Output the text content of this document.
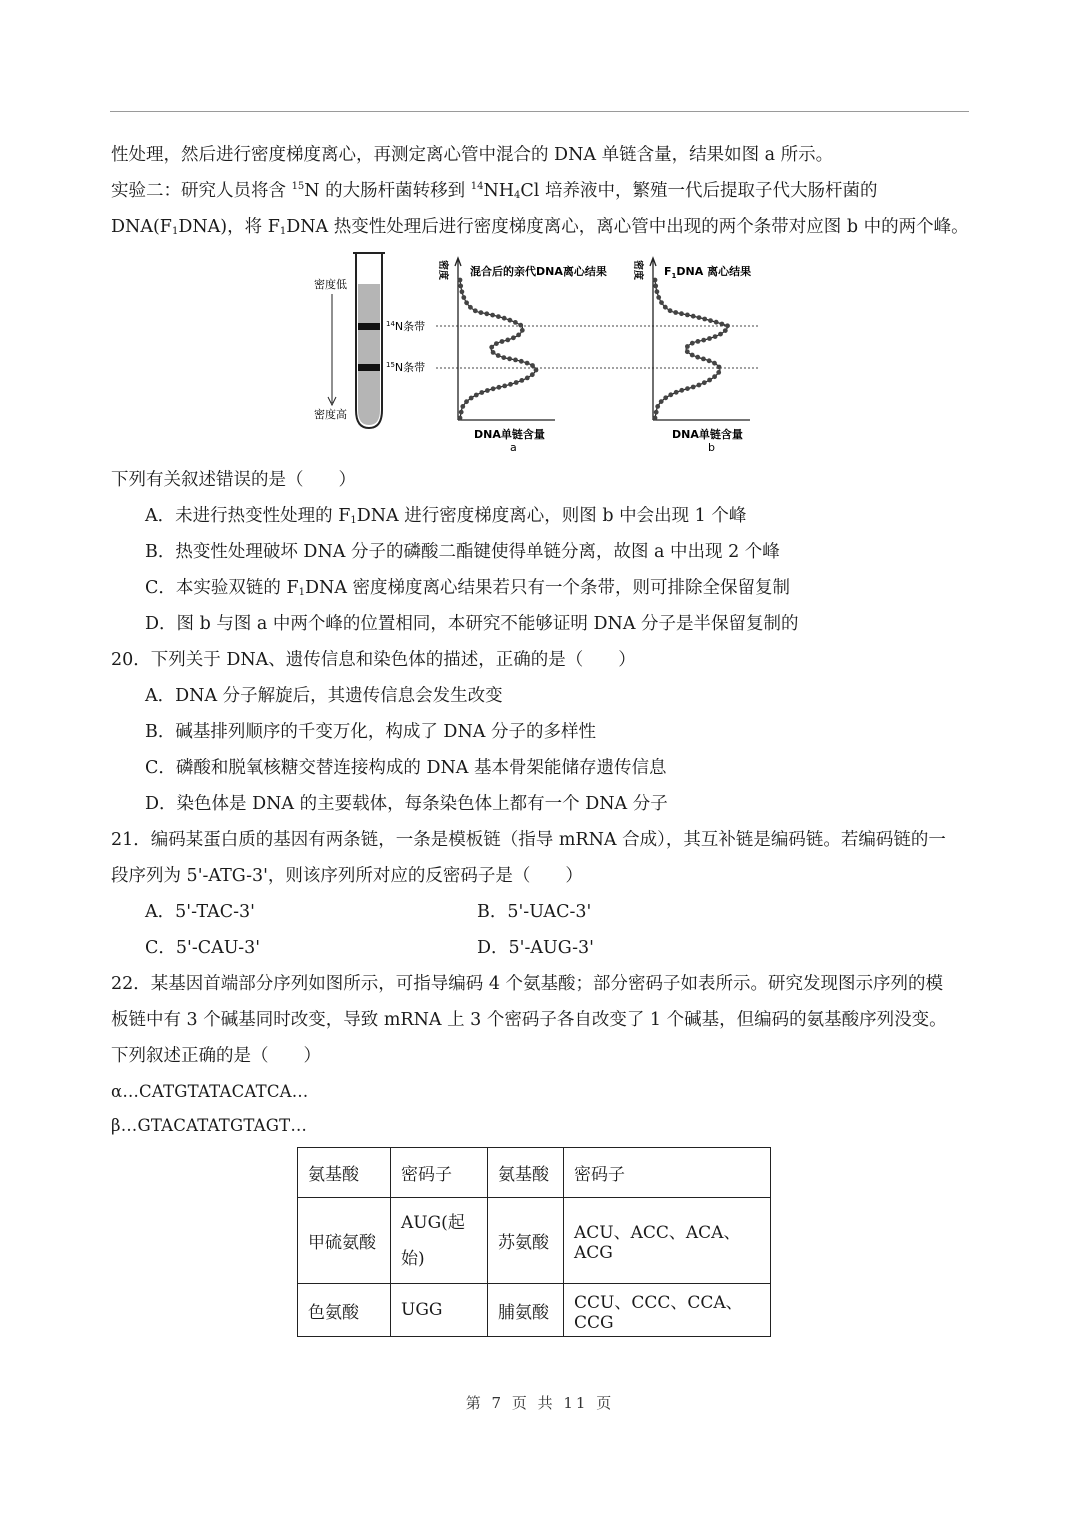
性处理，然后进行密度梯度离心，再测定离心管中混合的 DNA 单链含量，结果如图 a 所示。
实验二：研究人员将含 $^{15}$N 的大肠杆菌转移到 $^{14}NH_4Cl$ 培养液中，繁殖一代后提取子代大肠杆菌的
$DNA(F_1DNA)$，将 $F_1DNA$ 热变性处理后进行密度梯度离心，离心管中出现的两个条带对应图 b 中的两个峰。
密度低
密度高
$^{14}$N条带
$^{15}$N条带
密度 混合后的亲代DNA离心结果
DNA单链含量
a
密度 $F_1DNA$ 离心结果
DNA单链含量
b
下列有关叙述错误的是（　　）
A．未进行热变性处理的 $F_1DNA$ 进行密度梯度离心，则图 b 中会出现 1 个峰
B．热变性处理破坏 DNA 分子的磷酸二酯键使得单链分离，故图 a 中出现 2 个峰
C．本实验双链的 $F_1DNA$ 密度梯度离心结果若只有一个条带，则可排除全保留复制
D．图 b 与图 a 中两个峰的位置相同，本研究不能够证明 DNA 分子是半保留复制的
20．下列关于 DNA、遗传信息和染色体的描述，正确的是（　　）
A．DNA 分子解旋后，其遗传信息会发生改变
B．碱基排列顺序的千变万化，构成了 DNA 分子的多样性
C．磷酸和脱氧核糖交替连接构成的 DNA 基本骨架能储存遗传信息
D．染色体是 DNA 的主要载体，每条染色体上都有一个 DNA 分子
21．编码某蛋白质的基因有两条链，一条是模板链（指导 mRNA 合成），其互补链是编码链。若编码链的一
段序列为 5'-ATG-3'，则该序列所对应的反密码子是（　　）
A．5'-TAC-3'	B．5'-UAC-3'
C．5'-CAU-3'	D．5'-AUG-3'
22．某基因首端部分序列如图所示，可指导编码 4 个氨基酸；部分密码子如表所示。研究发现图示序列的模
板链中有 3 个碱基同时改变，导致 mRNA 上 3 个密码子各自改变了 1 个碱基，但编码的氨基酸序列没变。
下列叙述正确的是（　　）
α…CATGTATACATCA…
β…GTACATATGTAGT…
氨基酸	密码子	氨基酸	密码子
甲硫氨酸	AUG(起始)	苏氨酸	ACU、ACC、ACA、ACG
色氨酸	UGG	脯氨酸	CCU、CCC、CCA、CCG
第 7 页 共 11 页
